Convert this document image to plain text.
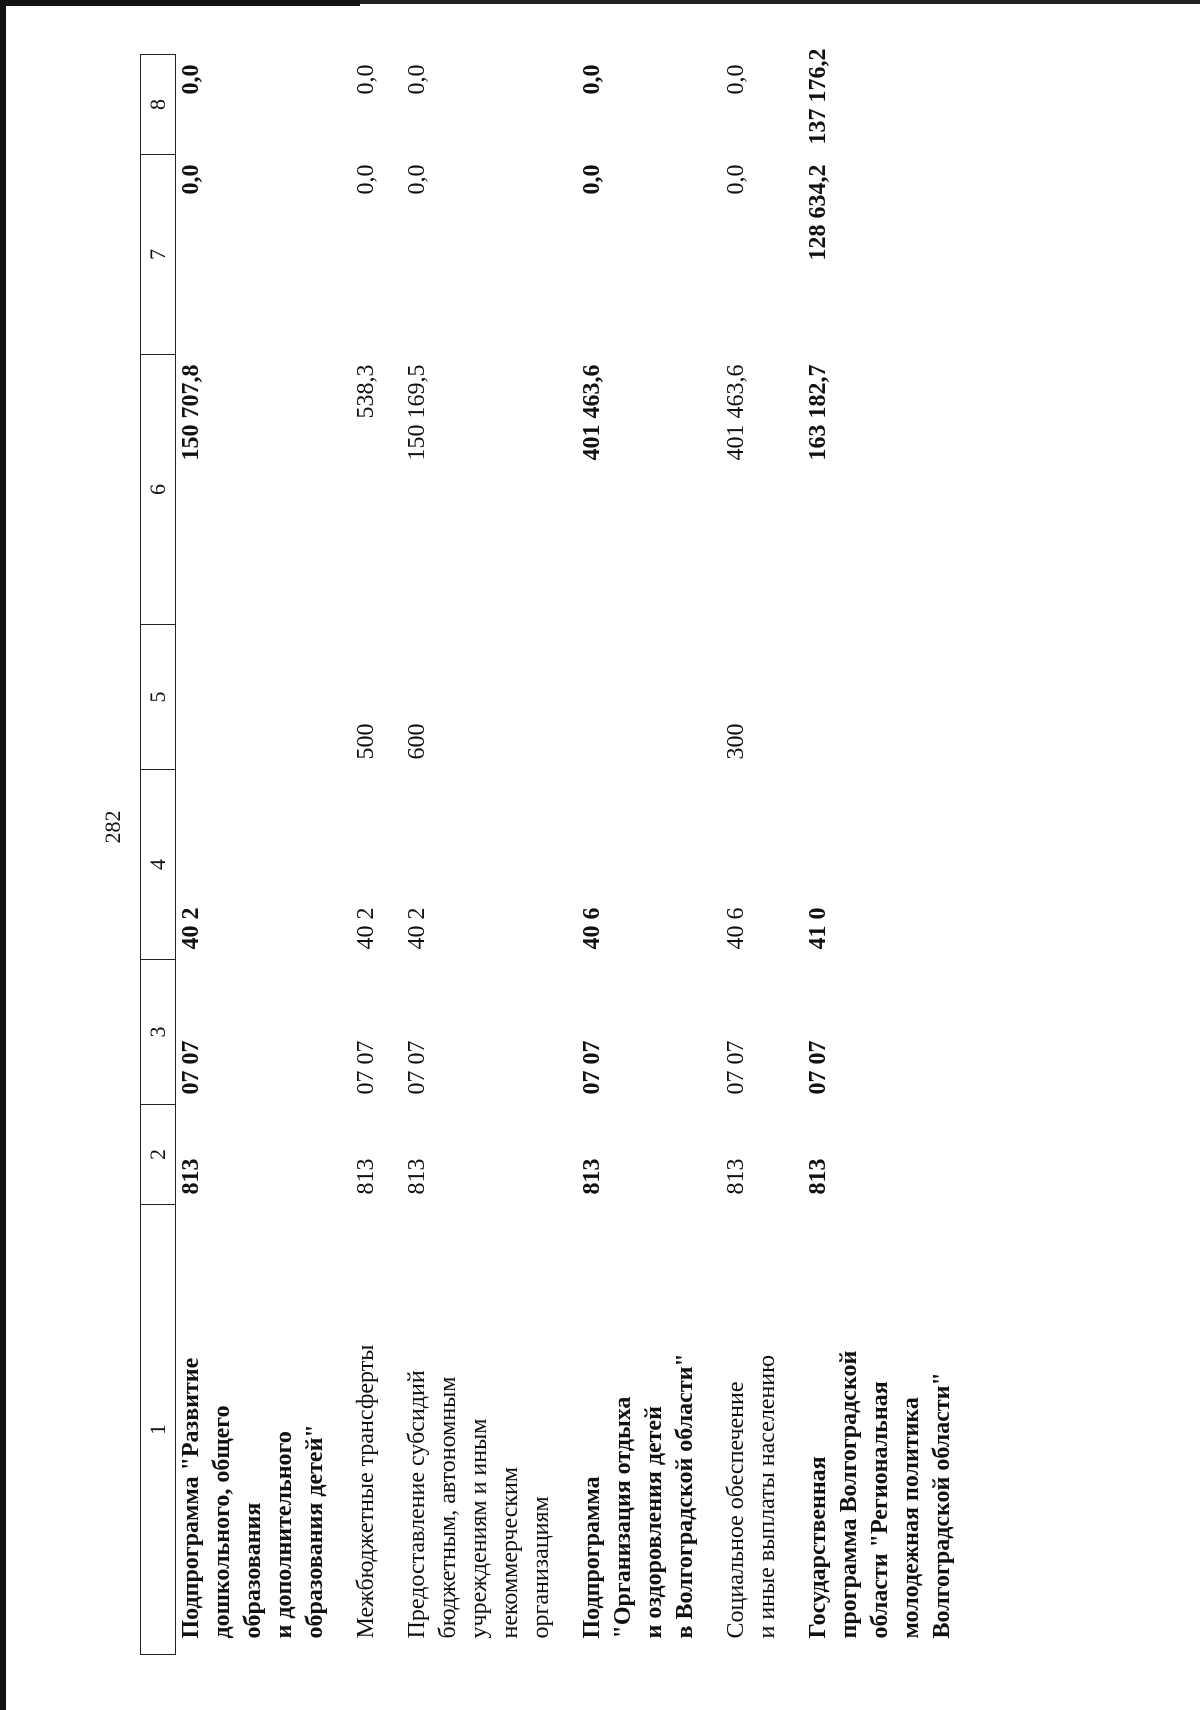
282
1	2	3	4	5	6	7	8

Подпрограмма "Развитие дошкольного, общего образования и дополнительного образования детей"	813	07 07	40 2		150 707,8	0,0	0,0

Межбюджетные трансферты	813	07 07	40 2	500	538,3	0,0	0,0

Предоставление субсидий бюджетным, автономным учреждениям и иным некоммерческим организациям	813	07 07	40 2	600	150 169,5	0,0	0,0

Подпрограмма "Организация отдыха и оздоровления детей в Волгоградской области"	813	07 07	40 6		401 463,6	0,0	0,0

Социальное обеспечение и иные выплаты населению	813	07 07	40 6	300	401 463,6	0,0	0,0

Государственная программа Волгоградской области "Региональная молодежная политика Волгоградской области"	813	07 07	41 0		163 182,7	128 634,2	137 176,2
